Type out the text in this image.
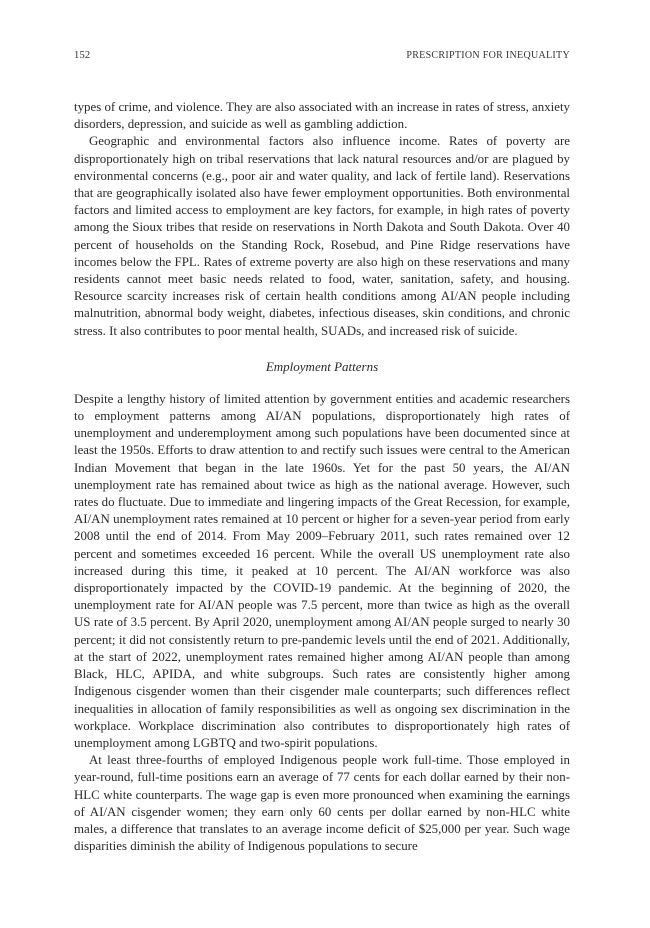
152	PRESCRIPTION FOR INEQUALITY

types of crime, and violence. They are also associated with an increase in rates of stress, anxiety disorders, depression, and suicide as well as gambling addiction.

Geographic and environmental factors also influence income. Rates of poverty are disproportionately high on tribal reservations that lack natural resources and/or are plagued by environmental concerns (e.g., poor air and water quality, and lack of fertile land). Reservations that are geographically isolated also have fewer employment opportunities. Both environmental factors and limited access to employment are key factors, for example, in high rates of poverty among the Sioux tribes that reside on reservations in North Dakota and South Dakota. Over 40 percent of households on the Standing Rock, Rosebud, and Pine Ridge reservations have incomes below the FPL. Rates of extreme poverty are also high on these reservations and many residents cannot meet basic needs related to food, water, sanitation, safety, and housing. Resource scarcity increases risk of certain health conditions among AI/AN people including malnutrition, abnormal body weight, diabetes, infectious diseases, skin conditions, and chronic stress. It also contributes to poor mental health, SUADs, and increased risk of suicide.

Employment Patterns

Despite a lengthy history of limited attention by government entities and academic researchers to employment patterns among AI/AN populations, disproportionately high rates of unemployment and underemployment among such populations have been documented since at least the 1950s. Efforts to draw attention to and rectify such issues were central to the American Indian Movement that began in the late 1960s. Yet for the past 50 years, the AI/AN unemployment rate has remained about twice as high as the national average. However, such rates do fluctuate. Due to immediate and lingering impacts of the Great Recession, for example, AI/AN unemployment rates remained at 10 percent or higher for a seven-year period from early 2008 until the end of 2014. From May 2009–February 2011, such rates remained over 12 percent and sometimes exceeded 16 percent. While the overall US unemployment rate also increased during this time, it peaked at 10 percent. The AI/AN workforce was also disproportionately impacted by the COVID-19 pandemic. At the beginning of 2020, the unemployment rate for AI/AN people was 7.5 percent, more than twice as high as the overall US rate of 3.5 percent. By April 2020, unemployment among AI/AN people surged to nearly 30 percent; it did not consistently return to pre-pandemic levels until the end of 2021. Additionally, at the start of 2022, unemployment rates remained higher among AI/AN people than among Black, HLC, APIDA, and white subgroups. Such rates are consistently higher among Indigenous cisgender women than their cisgender male counterparts; such differences reflect inequalities in allocation of family responsibilities as well as ongoing sex discrimination in the workplace. Workplace discrimination also contributes to disproportionately high rates of unemployment among LGBTQ and two-spirit populations.

At least three-fourths of employed Indigenous people work full-time. Those employed in year-round, full-time positions earn an average of 77 cents for each dollar earned by their non-HLC white counterparts. The wage gap is even more pronounced when examining the earnings of AI/AN cisgender women; they earn only 60 cents per dollar earned by non-HLC white males, a difference that translates to an average income deficit of $25,000 per year. Such wage disparities diminish the ability of Indigenous populations to secure
